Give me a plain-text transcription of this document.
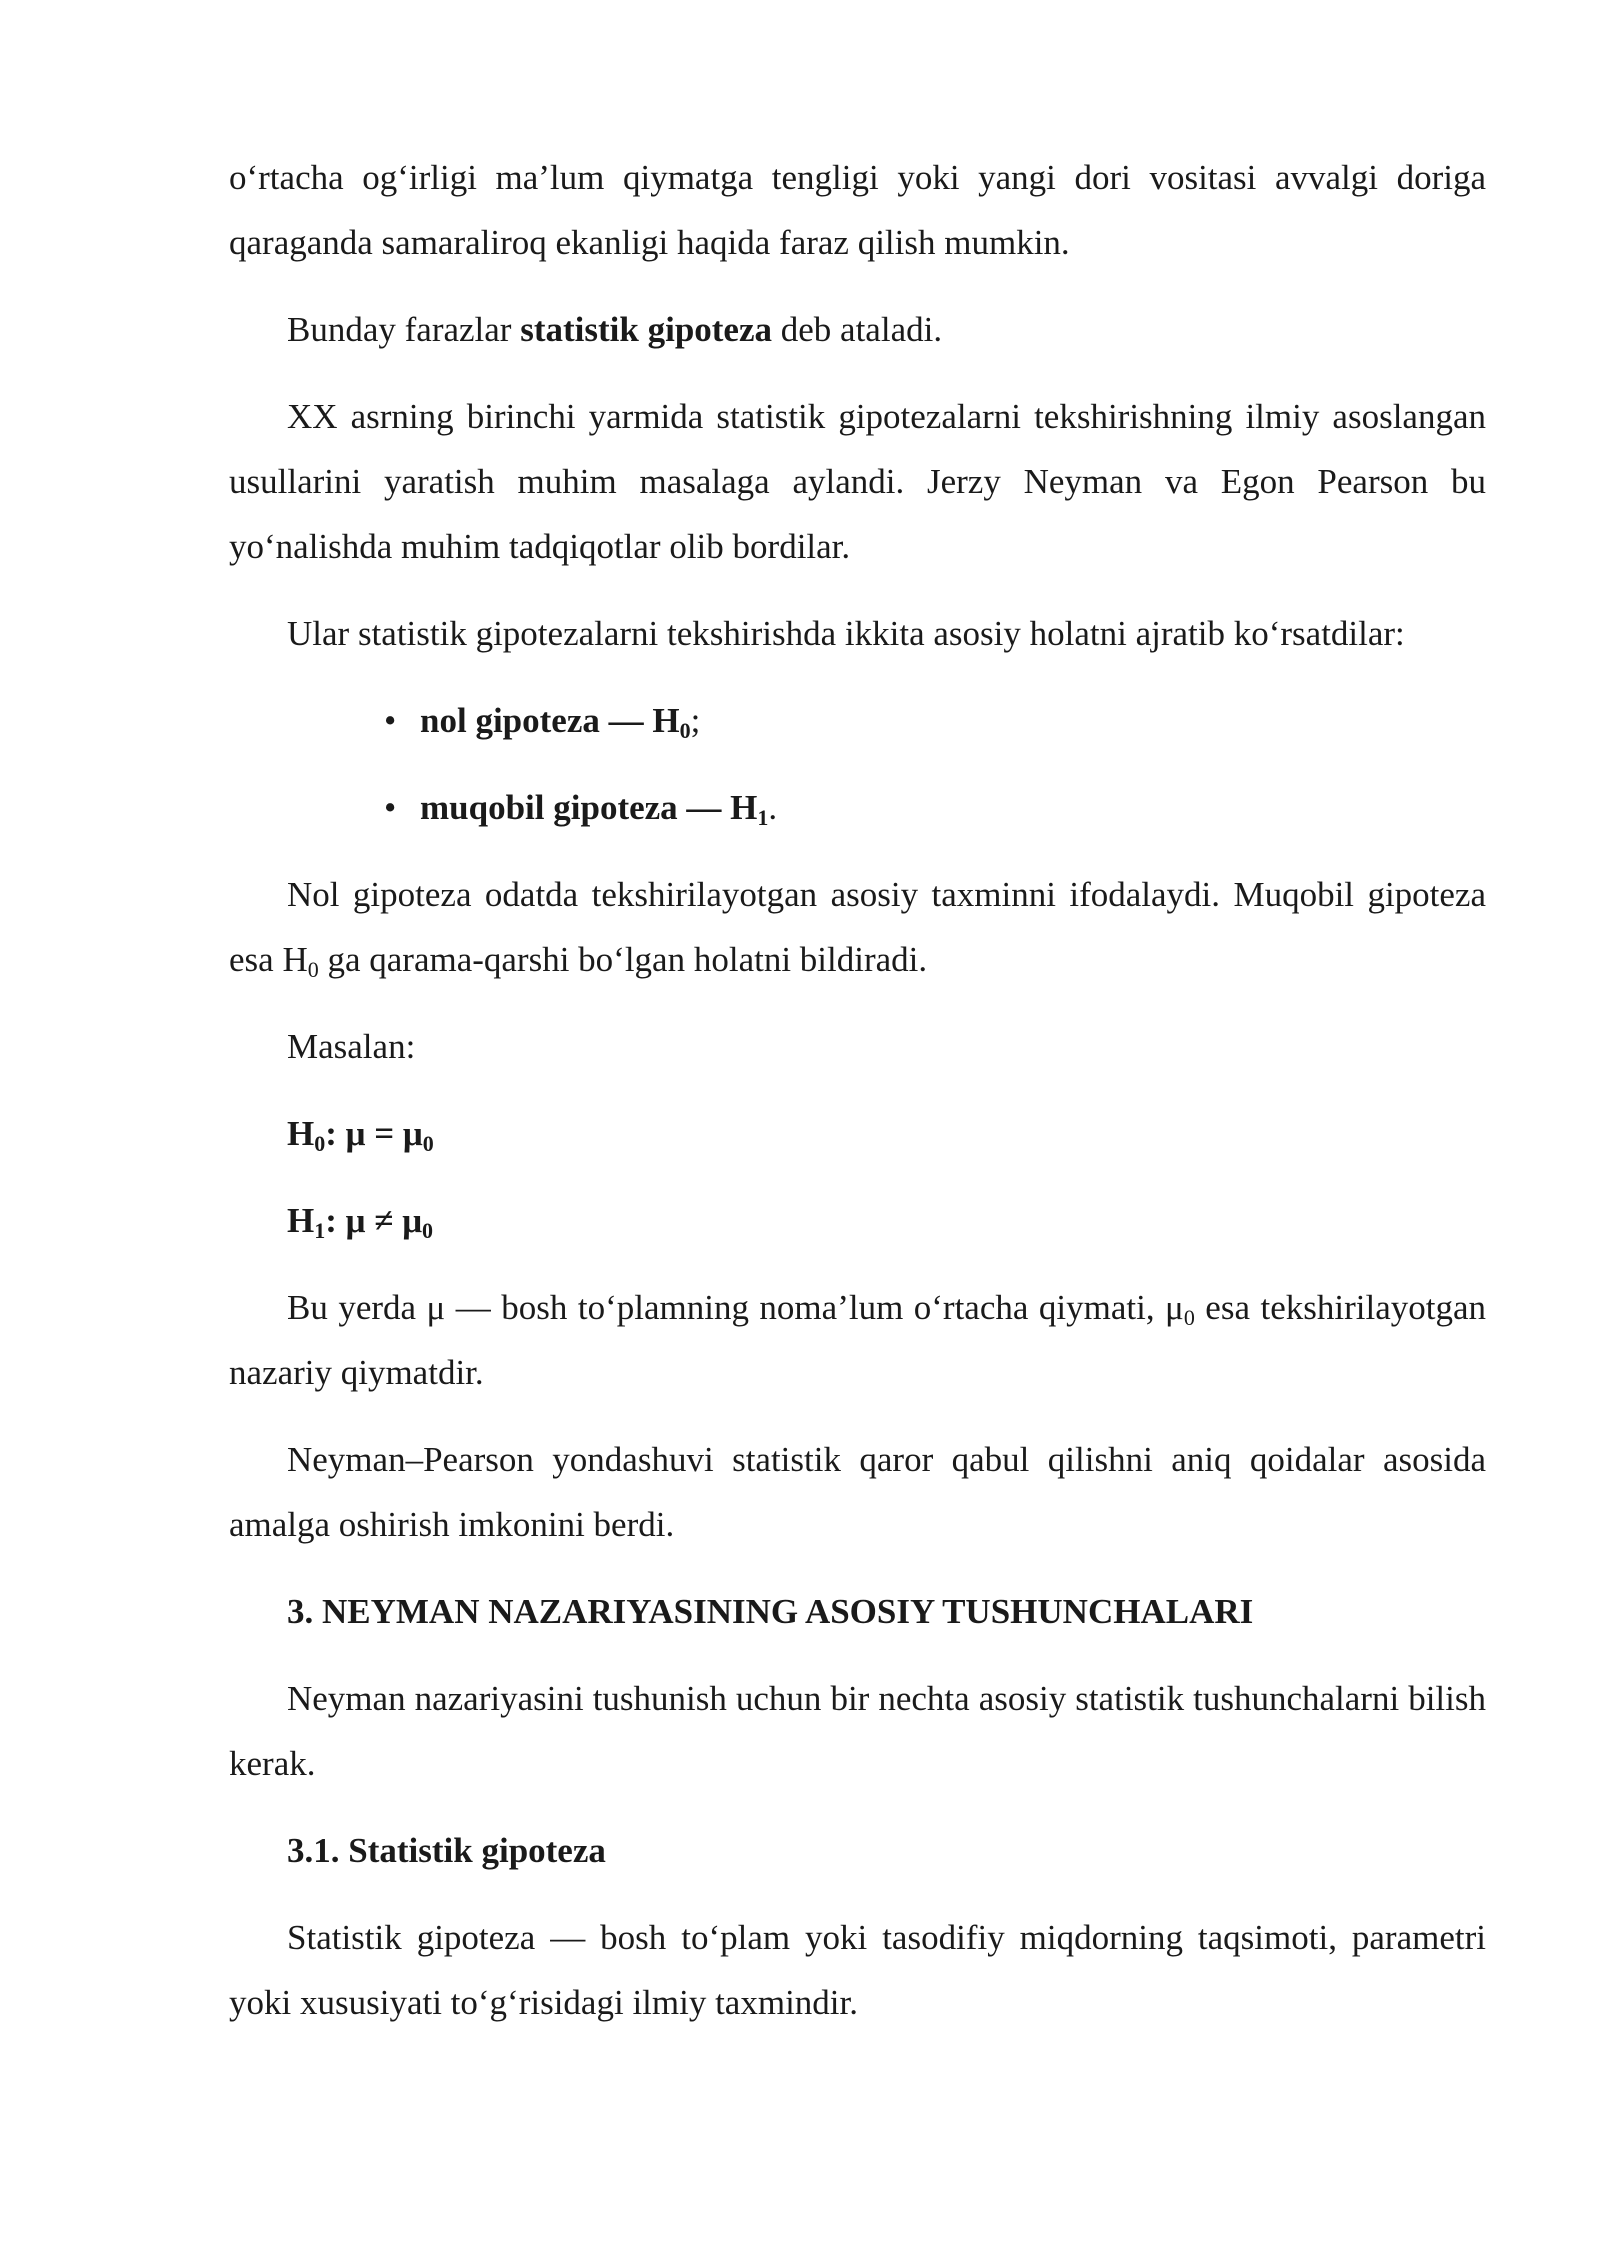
o‘rtacha og‘irligi ma’lum qiymatga tengligi yoki yangi dori vositasi avvalgi doriga qaraganda samaraliroq ekanligi haqida faraz qilish mumkin.

Bunday farazlar statistik gipoteza deb ataladi.

XX asrning birinchi yarmida statistik gipotezalarni tekshirishning ilmiy asoslangan usullarini yaratish muhim masalaga aylandi. Jerzy Neyman va Egon Pearson bu yo‘nalishda muhim tadqiqotlar olib bordilar.

Ular statistik gipotezalarni tekshirishda ikkita asosiy holatni ajratib ko‘rsatdilar:

• nol gipoteza — $H_0$;
• muqobil gipoteza — $H_1$.

Nol gipoteza odatda tekshirilayotgan asosiy taxminni ifodalaydi. Muqobil gipoteza esa $H_0$ ga qarama-qarshi bo‘lgan holatni bildiradi.

Masalan:

$H_0$: $\mu = \mu_0$

$H_1$: $\mu \ne \mu_0$

Bu yerda μ — bosh to‘plamning noma’lum o‘rtacha qiymati, $\mu_0$ esa tekshirilayotgan nazariy qiymatdir.

Neyman–Pearson yondashuvi statistik qaror qabul qilishni aniq qoidalar asosida amalga oshirish imkonini berdi.

3. NEYMAN NAZARIYASINING ASOSIY TUSHUNCHALARI

Neyman nazariyasini tushunish uchun bir nechta asosiy statistik tushunchalarni bilish kerak.

3.1. Statistik gipoteza

Statistik gipoteza — bosh to‘plam yoki tasodifiy miqdorning taqsimoti, parametri yoki xususiyati to‘g‘risidagi ilmiy taxmindir.
